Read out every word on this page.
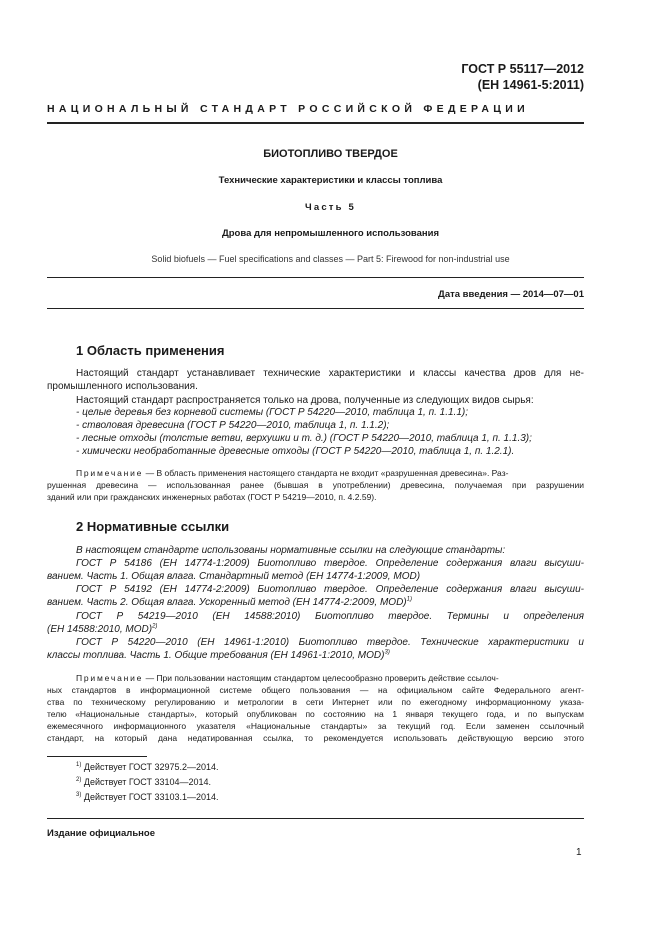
ГОСТ Р 55117—2012
(ЕН 14961-5:2011)
НАЦИОНАЛЬНЫЙ СТАНДАРТ РОССИЙСКОЙ ФЕДЕРАЦИИ
БИОТОПЛИВО ТВЕРДОЕ
Технические характеристики и классы топлива
Часть 5
Дрова для непромышленного использования
Solid biofuels — Fuel specifications and classes — Part 5: Firewood for non-industrial use
Дата введения — 2014—07—01
1 Область применения
Настоящий стандарт устанавливает технические характеристики и классы качества дров для не-
промышленного использования.
Настоящий стандарт распространяется только на дрова, полученные из следующих видов сырья:
- целые деревья без корневой системы (ГОСТ Р 54220—2010, таблица 1, п. 1.1.1);
- стволовая древесина (ГОСТ Р 54220—2010, таблица 1, п. 1.1.2);
- лесные отходы (толстые ветви, верхушки и т. д.) (ГОСТ Р 54220—2010, таблица 1, п. 1.1.3);
- химически необработанные древесные отходы (ГОСТ Р 54220—2010, таблица 1, п. 1.2.1).
Примечание — В область применения настоящего стандарта не входит «разрушенная древесина». Раз-
рушенная древесина — использованная ранее (бывшая в употреблении) древесина, получаемая при разрушении
зданий или при гражданских инженерных работах (ГОСТ Р 54219—2010, п. 4.2.59).
2 Нормативные ссылки
В настоящем стандарте использованы нормативные ссылки на следующие стандарты:
ГОСТ Р 54186 (ЕН 14774-1:2009) Биотопливо твердое. Определение содержания влаги высуши-
ванием. Часть 1. Общая влага. Стандартный метод (ЕН 14774-1:2009, MOD)
ГОСТ Р 54192 (ЕН 14774-2:2009) Биотопливо твердое. Определение содержания влаги высуши-
ванием. Часть 2. Общая влага. Ускоренный метод (ЕН 14774-2:2009, MOD)$^{1)}$
ГОСТ Р 54219—2010 (ЕН 14588:2010) Биотопливо твердое. Термины и определения
(ЕН 14588:2010, MOD)$^{2)}$
ГОСТ Р 54220—2010 (ЕН 14961-1:2010) Биотопливо твердое. Технические характеристики и
классы топлива. Часть 1. Общие требования (ЕН 14961-1:2010, MOD)$^{3)}$
Примечание — При пользовании настоящим стандартом целесообразно проверить действие ссылоч-
ных стандартов в информационной системе общего пользования — на официальном сайте Федерального агент-
ства по техническому регулированию и метрологии в сети Интернет или по ежегодному информационному указа-
телю «Национальные стандарты», который опубликован по состоянию на 1 января текущего года, и по выпускам
ежемесячного информационного указателя «Национальные стандарты» за текущий год. Если заменен ссылочный
стандарт, на который дана недатированная ссылка, то рекомендуется использовать действующую версию этого
$^{1)}$ Действует ГОСТ 32975.2—2014.
$^{2)}$ Действует ГОСТ 33104—2014.
$^{3)}$ Действует ГОСТ 33103.1—2014.
Издание официальное
1
